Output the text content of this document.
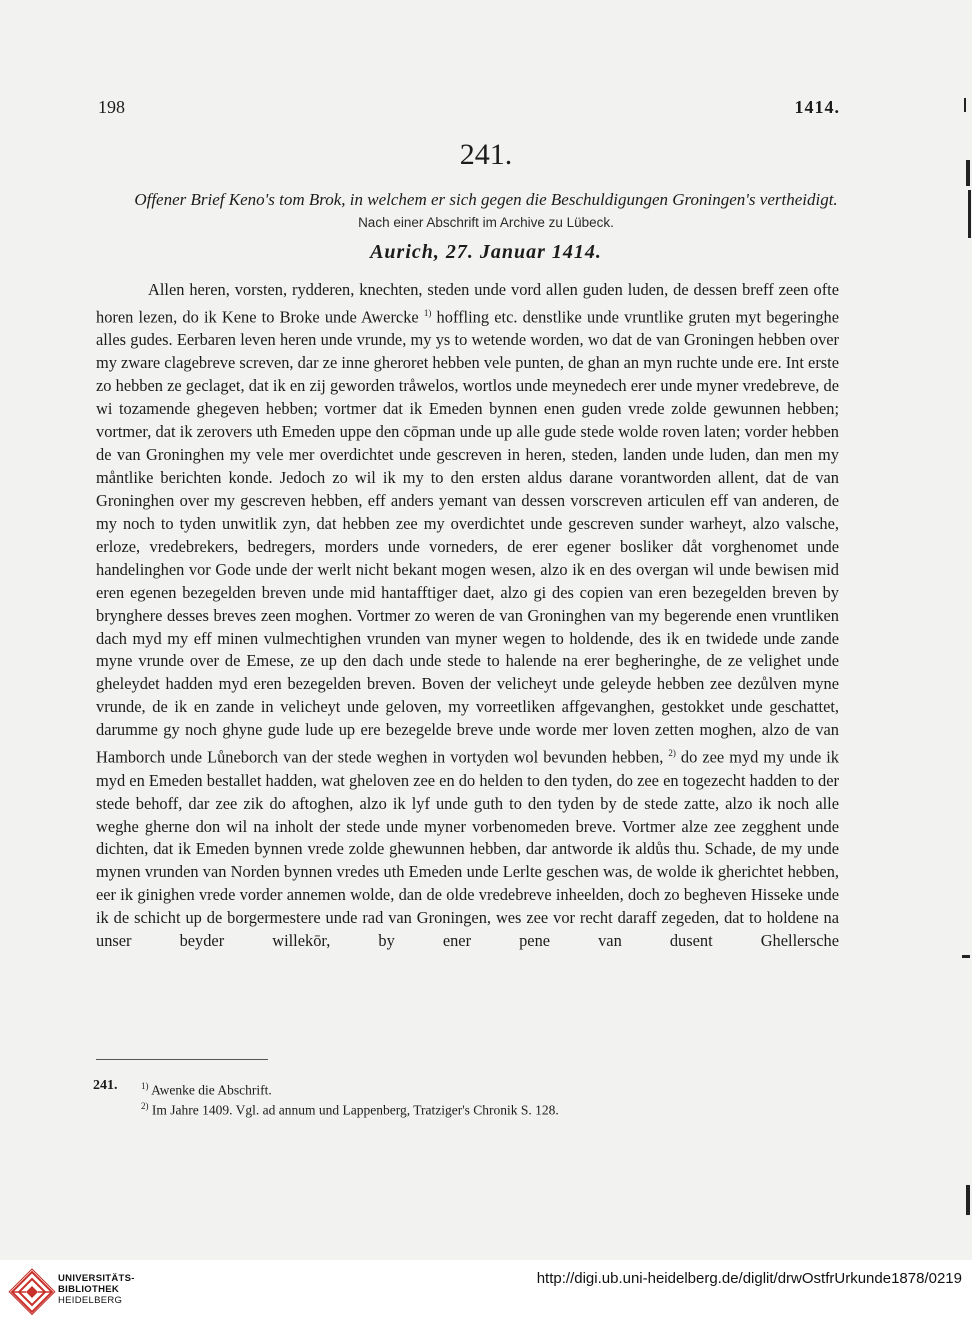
198	1414.
241.
Offener Brief Keno's tom Brok, in welchem er sich gegen die Beschuldigungen Groningen's vertheidigt.
Nach einer Abschrift im Archive zu Lübeck.
Aurich, 27. Januar 1414.

Allen heren, vorsten, rydderen, knechten, steden unde vord allen guden luden, de dessen breff zeen ofte horen lezen, do ik Kene to Broke unde Awercke $^{1)}$ hoffling etc. denstlike unde vruntlike gruten myt begeringhe alles gudes. Eerbaren leven heren unde vrunde, my ys to wetende worden, wo dat de van Groningen hebben over my zware clagebreve screven, dar ze inne gheroret hebben vele punten, de ghan an myn ruchte unde ere. Int erste zo hebben ze geclaget, dat ik en zij geworden tråwelos, wortlos unde meynedech erer unde myner vredebreve, de wi tozamende ghegeven hebben; vortmer dat ik Emeden bynnen enen guden vrede zolde gewunnen hebben; vortmer, dat ik zerovers uth Emeden uppe den cōpman unde up alle gude stede wolde roven laten; vorder hebben de van Groninghen my vele mer overdichtet unde gescreven in heren, steden, landen unde luden, dan men my måntlike berichten konde. Jedoch zo wil ik my to den ersten aldus darane vorantworden allent, dat de van Groninghen over my gescreven hebben, eff anders yemant van dessen vorscreven articulen eff van anderen, de my noch to tyden unwitlik zyn, dat hebben zee my overdichtet unde gescreven sunder warheyt, alzo valsche, erloze, vredebrekers, bedregers, morders unde vorneders, de erer egener bosliker dåt vorghenomet unde handelinghen vor Gode unde der werlt nicht bekant mogen wesen, alzo ik en des overgan wil unde bewisen mid eren egenen bezegelden breven unde mid hantafftiger daet, alzo gi des copien van eren bezegelden breven by brynghere desses breves zeen moghen. Vortmer zo weren de van Groninghen van my begerende enen vruntliken dach myd my eff minen vulmechtighen vrunden van myner wegen to holdende, des ik en twidede unde zande myne vrunde over de Emese, ze up den dach unde stede to halende na erer begheringhe, de ze velighet unde gheleydet hadden myd eren bezegelden breven. Boven der velicheyt unde geleyde hebben zee dezůlven myne vrunde, de ik en zande in velicheyt unde geloven, my vorreetliken affgevanghen, gestokket unde geschattet, darumme gy noch ghyne gude lude up ere bezegelde breve unde worde mer loven zetten moghen, alzo de van Hamborch unde Lůneborch van der stede weghen in vortyden wol bevunden hebben, $^{2)}$ do zee myd my unde ik myd en Emeden bestallet hadden, wat gheloven zee en do helden to den tyden, do zee en togezecht hadden to der stede behoff, dar zee zik do aftoghen, alzo ik lyf unde guth to den tyden by de stede zatte, alzo ik noch alle weghe gherne don wil na inholt der stede unde myner vorbenomeden breve. Vortmer alze zee zegghent unde dichten, dat ik Emeden bynnen vrede zolde ghewunnen hebben, dar antworde ik aldůs thu. Schade, de my unde mynen vrunden van Norden bynnen vredes uth Emeden unde Lerlte geschen was, de wolde ik gherichtet hebben, eer ik ginighen vrede vorder annemen wolde, dan de olde vredebreve inheelden, doch zo begheven Hisseke unde ik de schicht up de borgermestere unde rad van Groningen, wes zee vor recht daraff zegeden, dat to holdene na unser beyder willekōr, by ener pene van dusent Ghellersche

241.	$^{1)}$ Awenke die Abschrift.
$^{2)}$ Im Jahre 1409. Vgl. ad annum und Lappenberg, Tratziger's Chronik S. 128.
UNIVERSITÄTS-
BIBLIOTHEK
HEIDELBERG
http://digi.ub.uni-heidelberg.de/diglit/drwOstfrUrkunde1878/0219
